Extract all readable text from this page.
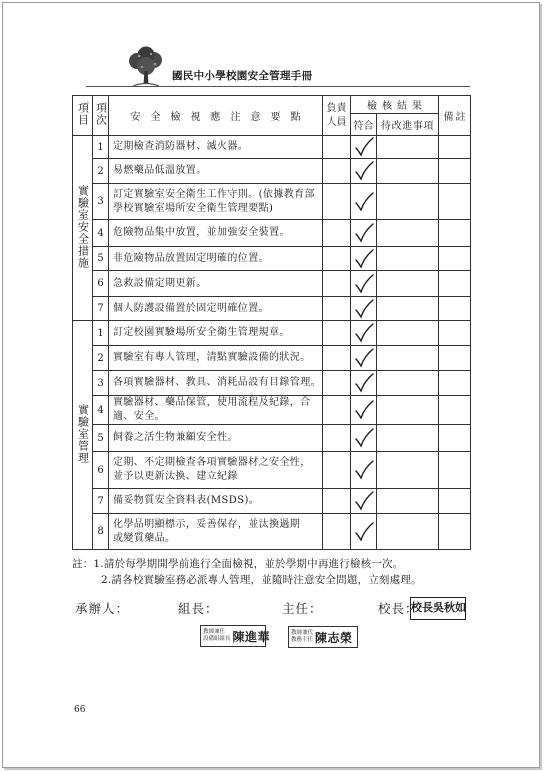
國民中小學校園安全管理手冊
項目	項次	安全檢視應注意要點	負責人員	檢核結果		備註
				符合	待改進事項	
實驗室安全措施	1	定期檢查消防器材、滅火器。		

	2	易燃藥品低溫放置。		

	3	訂定實驗室安全衛生工作守則。(依據教育部
學校實驗室場所安全衛生管理要點)		

	4	危險物品集中放置，並加強安全裝置。		

	5	非危險物品放置固定明確的位置。		

	6	急救設備定期更新。		

	7	個人防護設備置於固定明確位置。		

實驗室管理	1	訂定校園實驗場所安全衛生管理規章。		

	2	實驗室有專人管理，清點實驗設備的狀況。		

	3	各項實驗器材、教具、消耗品設有目錄管理。		

	4	實驗器材、藥品保管，使用流程及紀錄，合
適、安全。		

	5	飼養之活生物兼顧安全性。		

	6	定期、不定期檢查各項實驗器材之安全性，
並予以更新汰換、建立紀錄		

	7	備妥物質安全資料表(MSDS)。		

	8	化學品明顯標示，妥善保存，並汰換過期
或變質藥品。		

註：1.請於每學期開學前進行全面檢視，並於學期中再進行檢核一次。
2.請各校實驗室務必派專人管理，並隨時注意安全問題，立刻處理。
承辦人：	組長：	主任：	校長：
校長吳秋如
教師兼任
設備組組長 陳進華	教師兼代
教務主任 陳志榮
66
